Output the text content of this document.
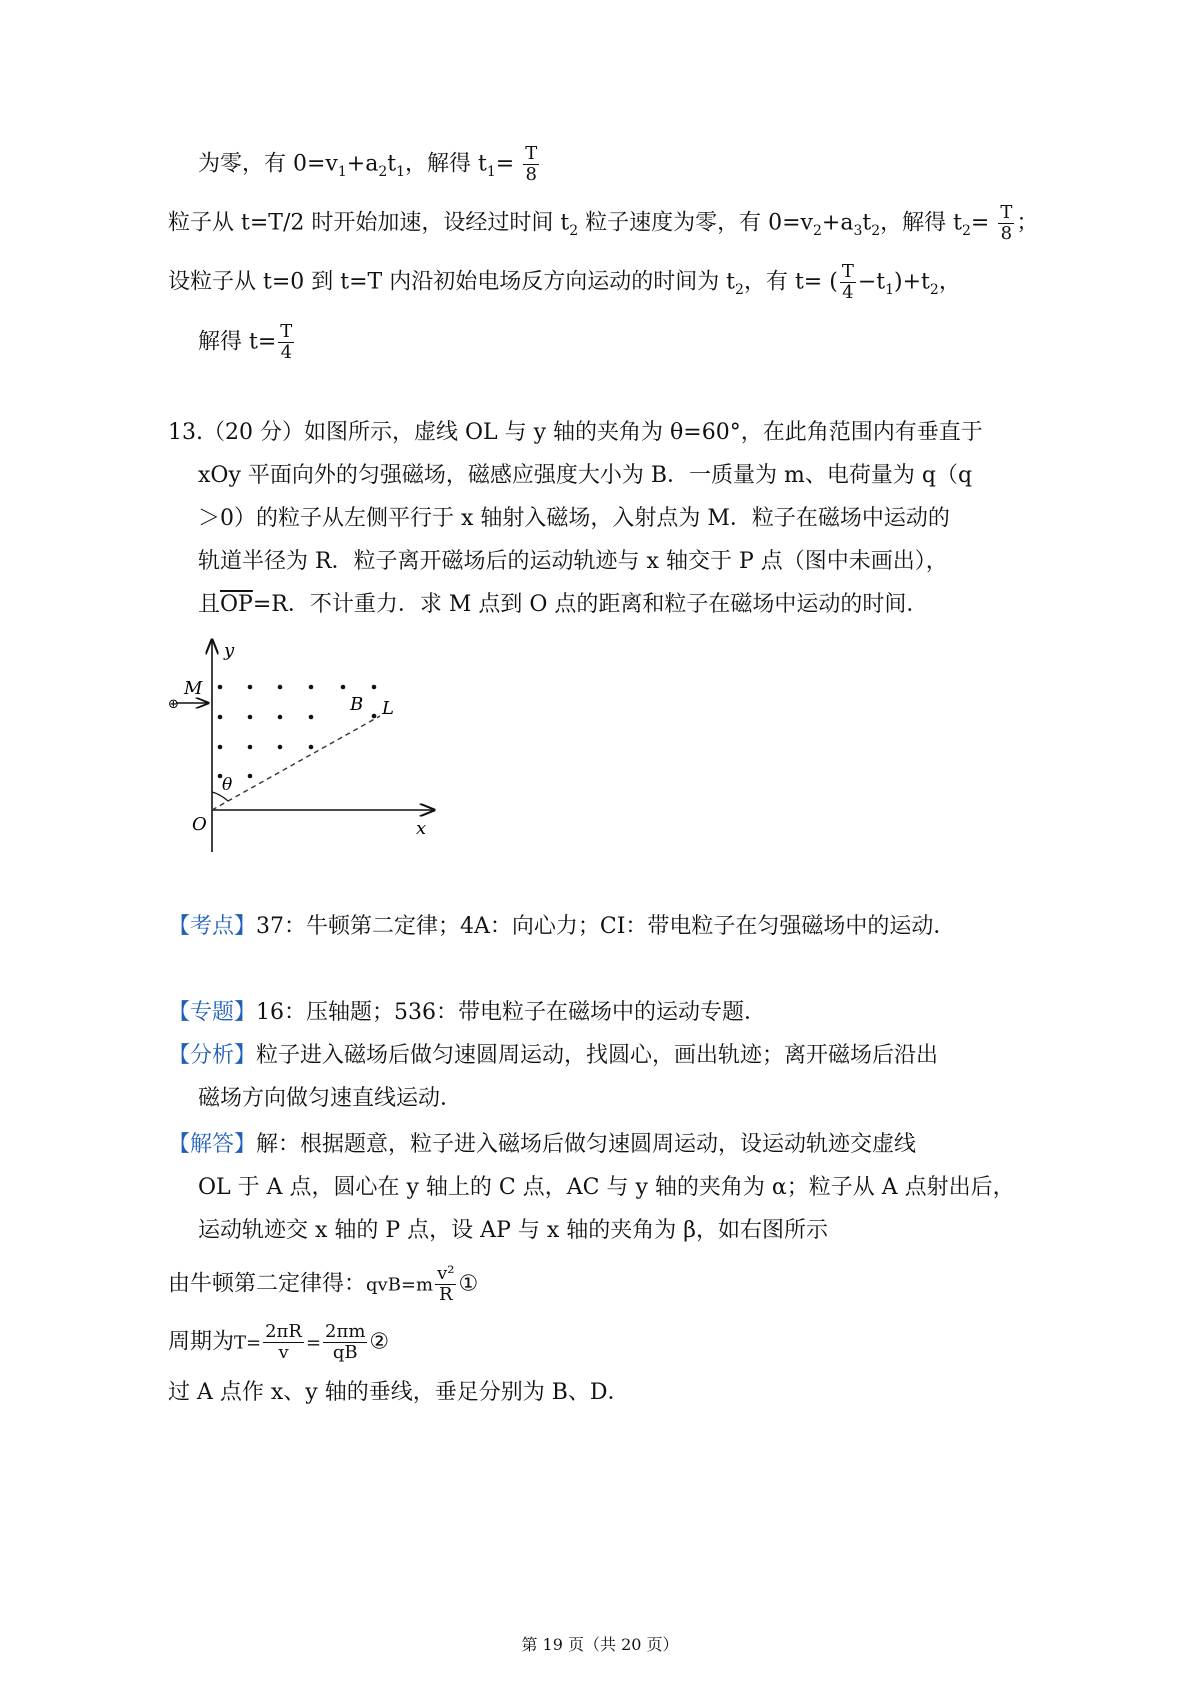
为零，有 $0=v_1+a_2t_1$，解得 $t_1= \frac{T}{8}$
粒子从 t=T/2 时开始加速，设经过时间 $t_2$ 粒子速度为零，有 $0=v_2+a_3t_2$，解得 $t_2= \frac{T}{8}$ ；
设粒子从 t=0 到 t=T 内沿初始电场反方向运动的时间为 $t_2$，有 t= ( $\frac{T}{4} -t_1)+t_2$，
解得 $t= \frac{T}{4}$
13.（20 分）如图所示，虚线 OL 与 y 轴的夹角为 θ=60°，在此角范围内有垂直于
xOy 平面向外的匀强磁场，磁感应强度大小为 B．一质量为 m、电荷量为 q（q
＞0）的粒子从左侧平行于 x 轴射入磁场，入射点为 M．粒子在磁场中运动的
轨道半径为 R．粒子离开磁场后的运动轨迹与 x 轴交于 P 点（图中未画出），
且$\overline{OP}=R$．不计重力．求 M 点到 O 点的距离和粒子在磁场中运动的时间．
⊕
y
x
O
M
B L
θ
【考点】37：牛顿第二定律；4A：向心力；CI：带电粒子在匀强磁场中的运动．
【专题】16：压轴题；536：带电粒子在磁场中的运动专题．
【分析】粒子进入磁场后做匀速圆周运动，找圆心，画出轨迹；离开磁场后沿出
磁场方向做匀速直线运动．
【解答】解：根据题意，粒子进入磁场后做匀速圆周运动，设运动轨迹交虚线
OL 于 A 点，圆心在 y 轴上的 C 点，AC 与 y 轴的夹角为 α；粒子从 A 点射出后，
运动轨迹交 x 轴的 P 点，设 AP 与 x 轴的夹角为 β，如右图所示
由牛顿第二定律得：$qvB=m \frac{\text{v²}}{R}$ ①
周期为$T= \frac{2\pi R}{v} = \frac{2\pi m}{qB}$ ②
过 A 点作 x、y 轴的垂线，垂足分别为 B、D．
第 19 页（共 20 页）
